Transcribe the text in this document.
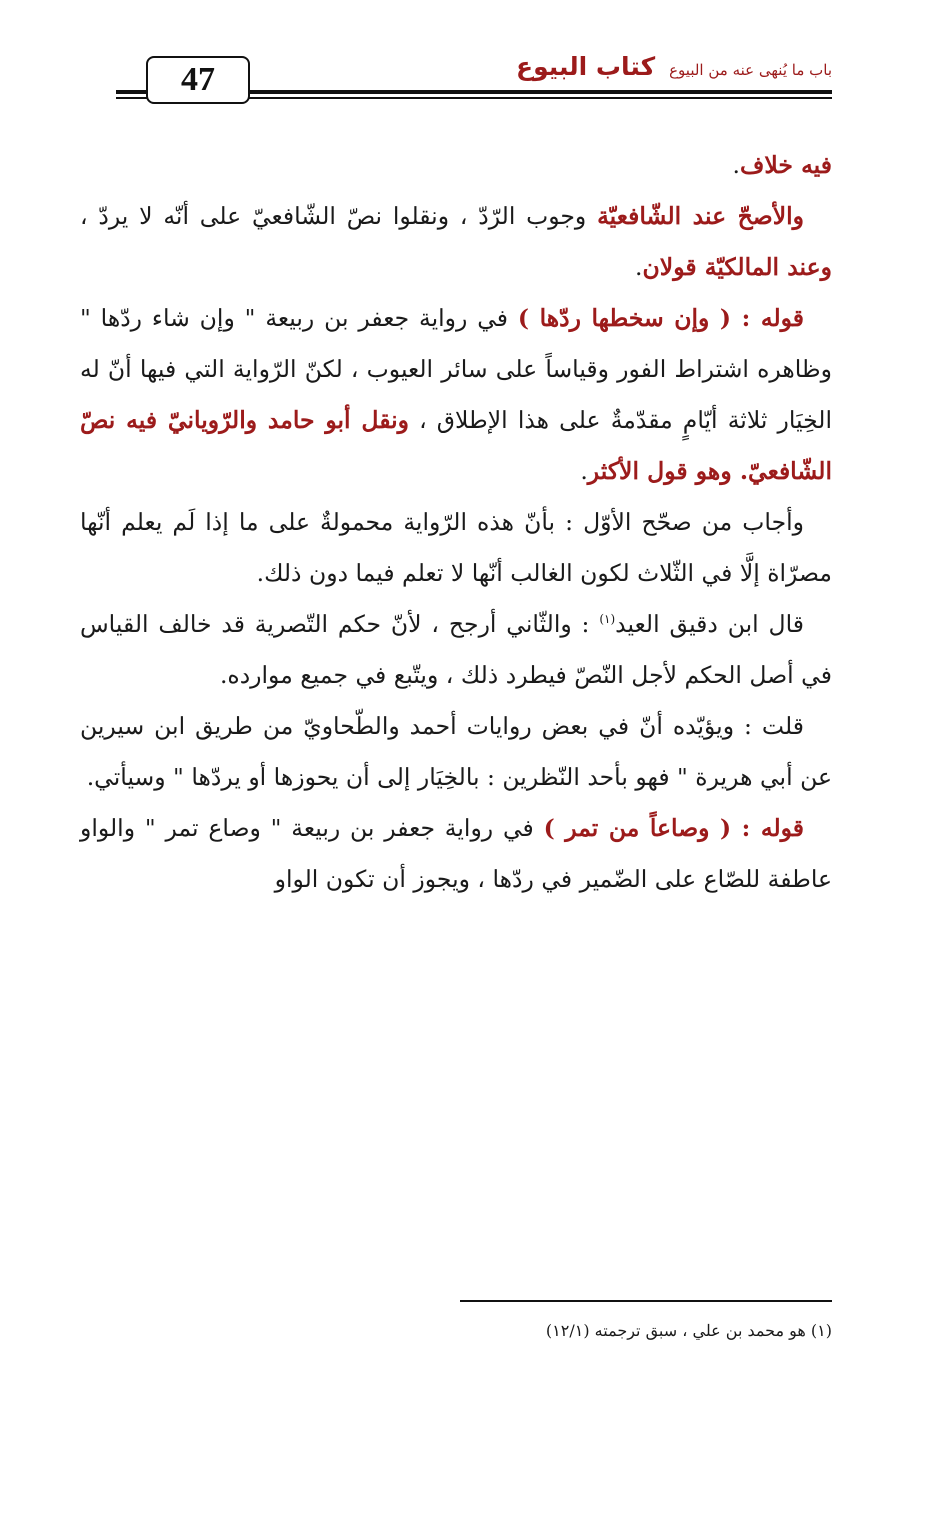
47	كتاب البيوع باب ما يُنهى عنه من البيوع

فيه خلاف.

والأصحّ عند الشّافعيّة وجوب الرّدّ ، ونقلوا نصّ الشّافعيّ على أنّه لا يردّ ، وعند المالكيّة قولان.

قوله : ( وإن سخطها ردّها ) في رواية جعفر بن ربيعة " وإن شاء ردّها " وظاهره اشتراط الفور وقياساً على سائر العيوب ، لكنّ الرّواية التي فيها أنّ له الخِيَار ثلاثة أيّامٍ مقدّمةٌ على هذا الإطلاق ، ونقل أبو حامد والرّويانيّ فيه نصّ الشّافعيّ. وهو قول الأكثر.

وأجاب من صحّح الأوّل : بأنّ هذه الرّواية محمولةٌ على ما إذا لَم يعلم أنّها مصرّاة إلَّا في الثّلاث لكون الغالب أنّها لا تعلم فيما دون ذلك.

قال ابن دقيق العيد$^{(١)}$ : والثّاني أرجح ، لأنّ حكم التّصرية قد خالف القياس في أصل الحكم لأجل النّصّ فيطرد ذلك ، ويتّبع في جميع موارده.

قلت : ويؤيّده أنّ في بعض روايات أحمد والطّحاويّ من طريق ابن سيرين عن أبي هريرة " فهو بأحد النّظرين : بالخِيَار إلى أن يحوزها أو يردّها " وسيأتي.

قوله : ( وصاعاً من تمر ) في رواية جعفر بن ربيعة " وصاع تمر " والواو عاطفة للصّاع على الضّمير في ردّها ، ويجوز أن تكون الواو

(١) هو محمد بن علي ، سبق ترجمته (١٢/١)
